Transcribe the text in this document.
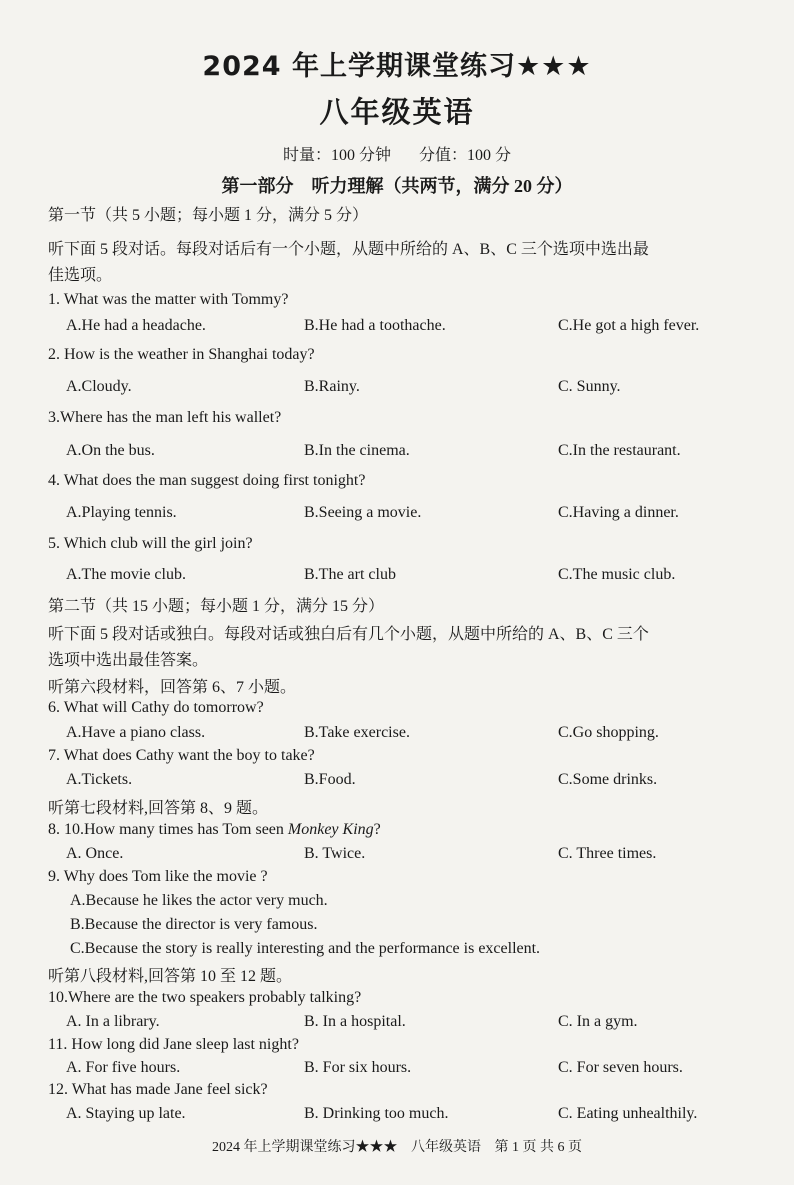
2024 年上学期课堂练习★★★
八年级英语
时量：100 分钟 分值：100 分
第一部分　听力理解（共两节，满分 20 分）
第一节（共 5 小题；每小题 1 分，满分 5 分）
听下面 5 段对话。每段对话后有一个小题，从题中所给的 A、B、C 三个选项中选出最
佳选项。
1. What was the matter with Tommy?
A.He had a headache.	B.He had a toothache.	C.He got a high fever.
2. How is the weather in Shanghai today?
A.Cloudy.	B.Rainy.	C. Sunny.
3.Where has the man left his wallet?
A.On the bus.	B.In the cinema.	C.In the restaurant.
4. What does the man suggest doing first tonight?
A.Playing tennis.	B.Seeing a movie.	C.Having a dinner.
5. Which club will the girl join?
A.The movie club.	B.The art club	C.The music club.
第二节（共 15 小题；每小题 1 分，满分 15 分）
听下面 5 段对话或独白。每段对话或独白后有几个小题，从题中所给的 A、B、C 三个
选项中选出最佳答案。
听第六段材料，回答第 6、7 小题。
6. What will Cathy do tomorrow?
A.Have a piano class.	B.Take exercise.	C.Go shopping.
7. What does Cathy want the boy to take?
A.Tickets.	B.Food.	C.Some drinks.
听第七段材料,回答第 8、9 题。
8. 10.How many times has Tom seen Monkey King?
A. Once.	B. Twice.	C. Three times.
9. Why does Tom like the movie ?
A.Because he likes the actor very much.
B.Because the director is very famous.
C.Because the story is really interesting and the performance is excellent.
听第八段材料,回答第 10 至 12 题。
10.Where are the two speakers probably talking?
A. In a library.	B. In a hospital.	C. In a gym.
11. How long did Jane sleep last night?
A. For five hours.	B. For six hours.	C. For seven hours.
12. What has made Jane feel sick?
A. Staying up late.	B. Drinking too much.	C. Eating unhealthily.
2024 年上学期课堂练习★★★ 八年级英语 第 1 页 共 6 页
